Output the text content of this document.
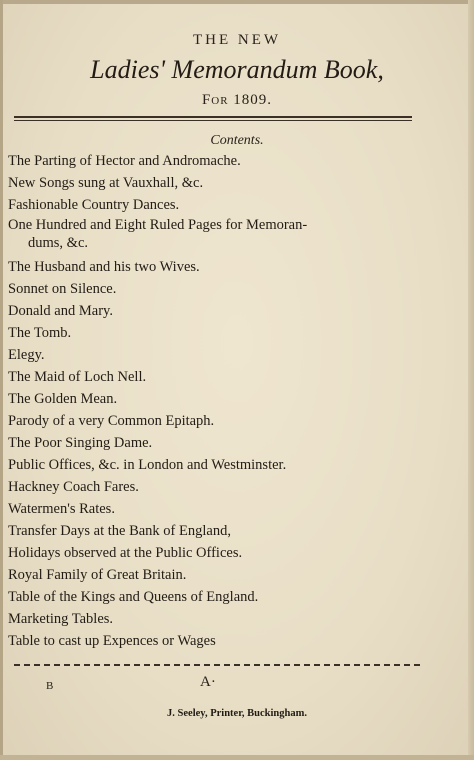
THE NEW
Ladies' Memorandum Book,
For 1809.
Contents.
The Parting of Hector and Andromache.
New Songs sung at Vauxhall, &c.
Fashionable Country Dances.
One Hundred and Eight Ruled Pages for Memoran-
dums, &c.
The Husband and his two Wives.
Sonnet on Silence.
Donald and Mary.
The Tomb.
Elegy.
The Maid of Loch Nell.
The Golden Mean.
Parody of a very Common Epitaph.
The Poor Singing Dame.
Public Offices, &c. in London and Westminster.
Hackney Coach Fares.
Watermen's Rates.
Transfer Days at the Bank of England,
Holidays observed at the Public Offices.
Royal Family of Great Britain.
Table of the Kings and Queens of England.
Marketing Tables.
Table to cast up Expences or Wages
B	A·
J. Seeley, Printer, Buckingham.
